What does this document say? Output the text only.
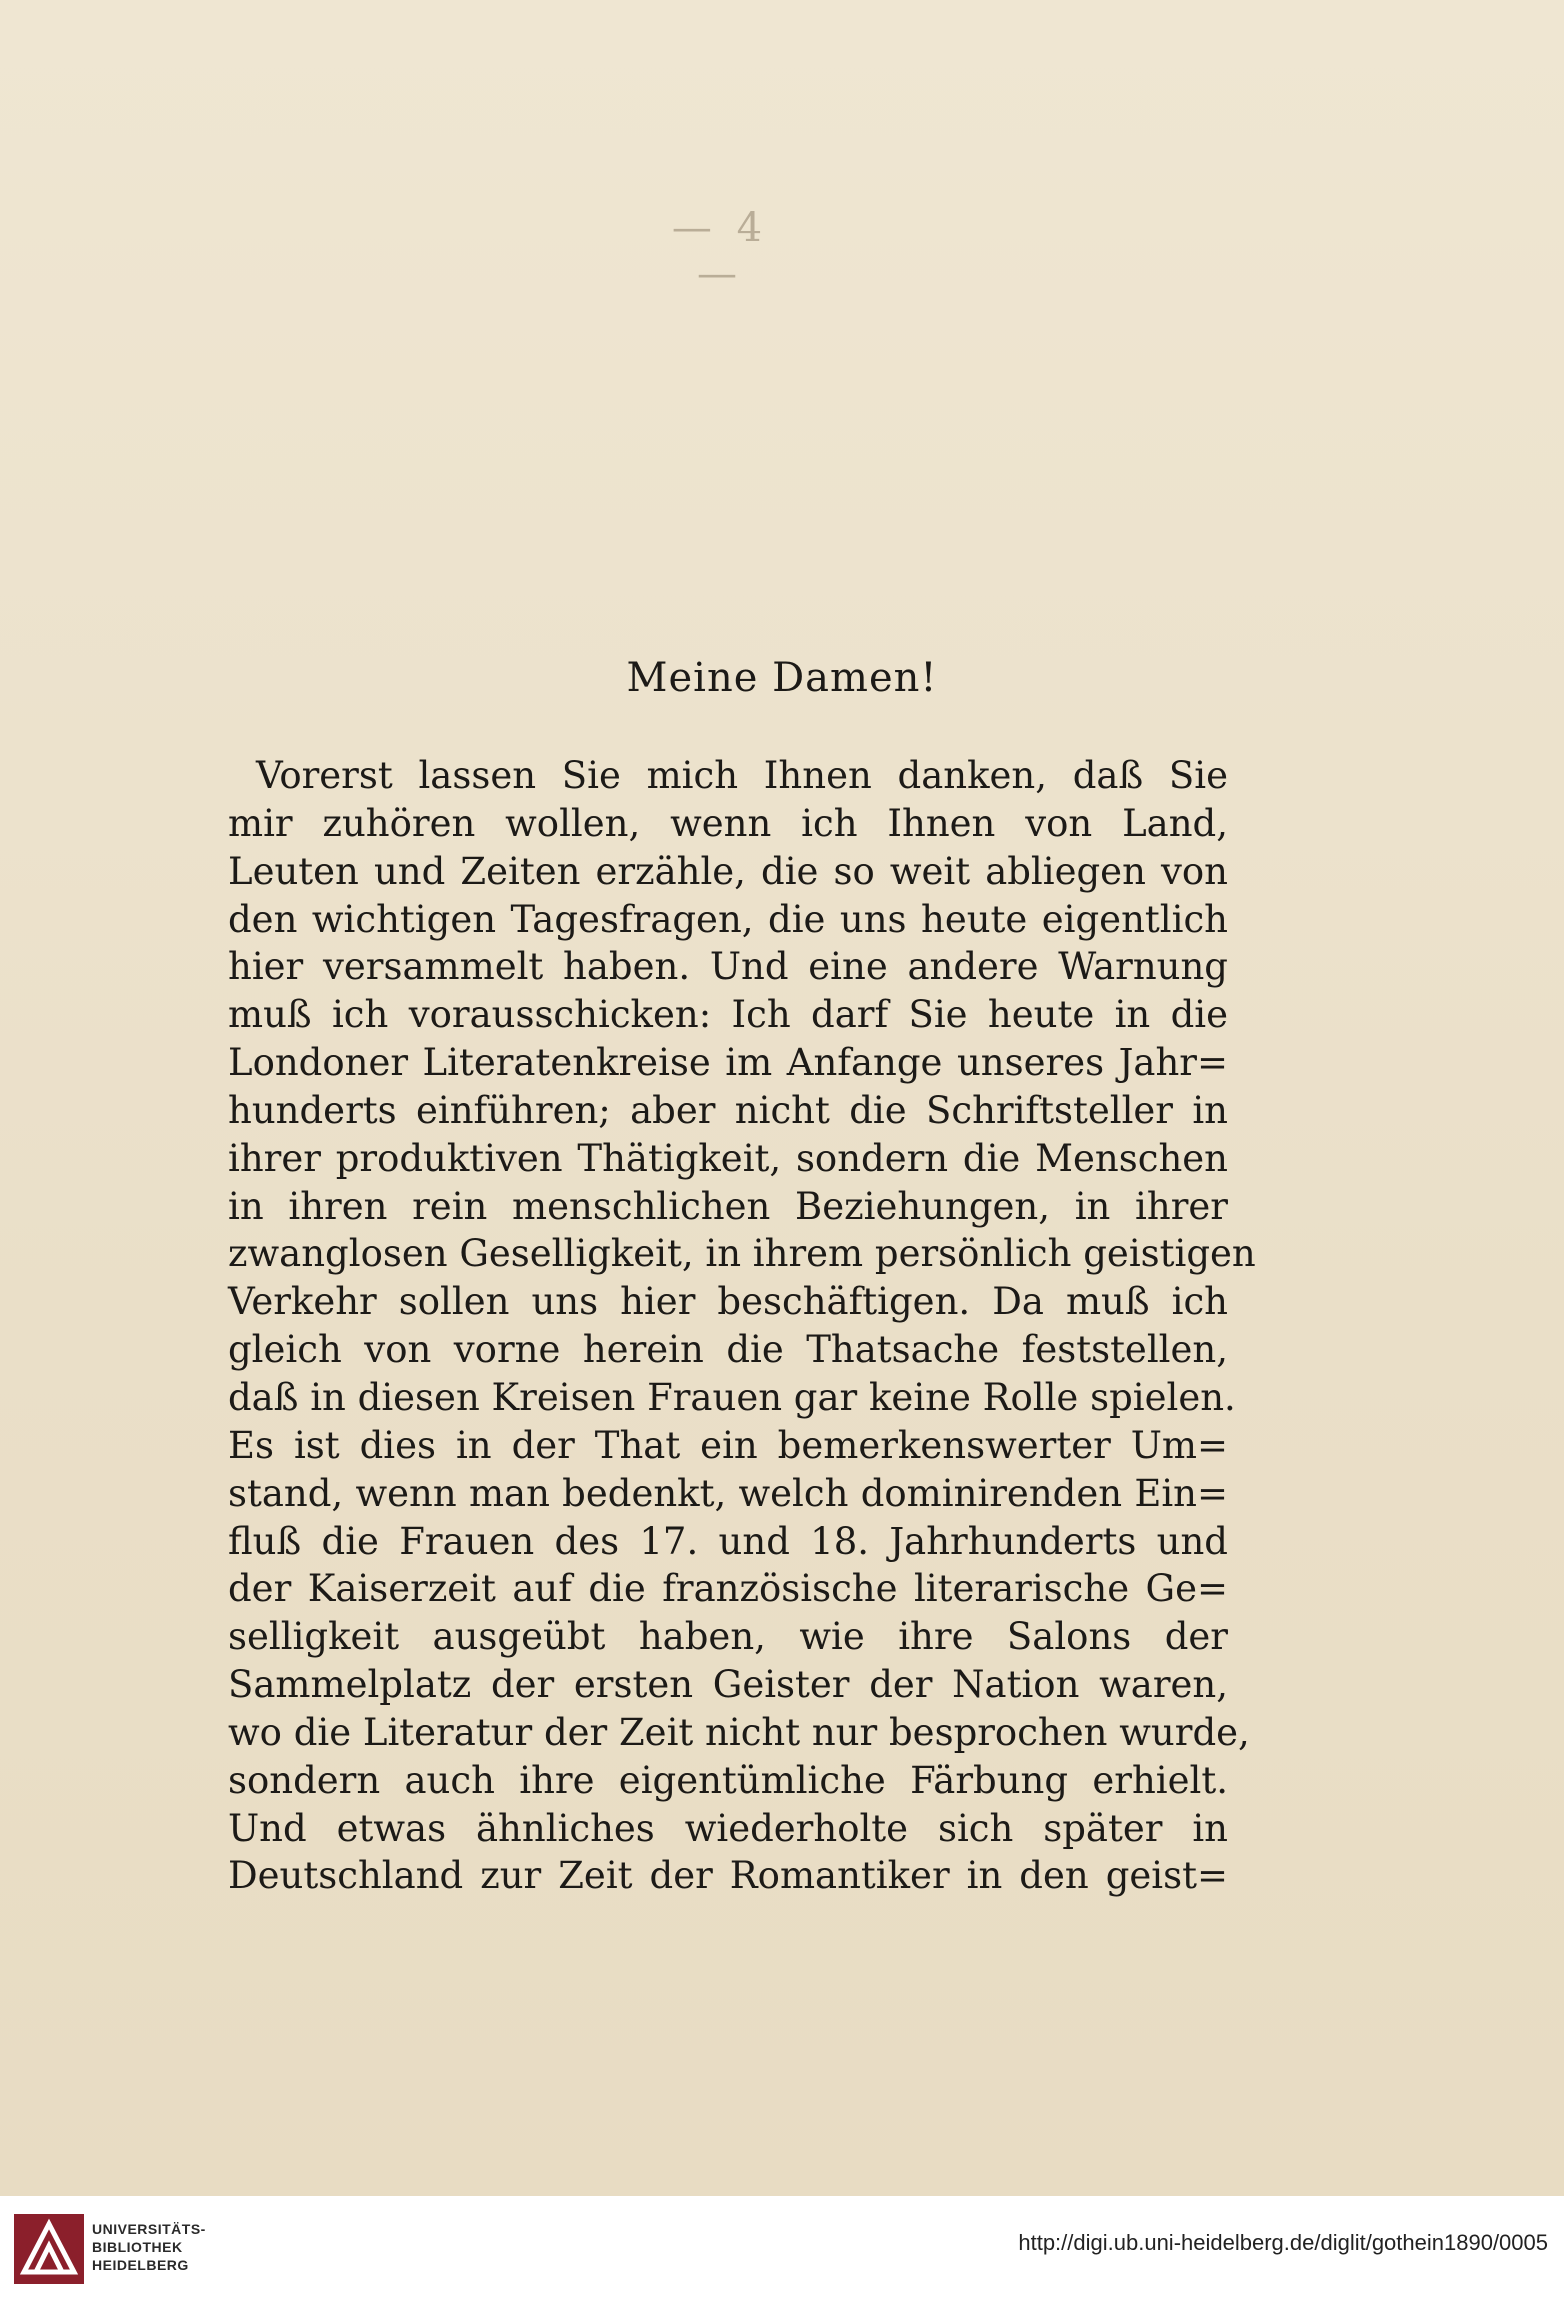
— 4 —
Meine Damen!
Vorerst lassen Sie mich Ihnen danken, daß Sie
mir zuhören wollen, wenn ich Ihnen von Land,
Leuten und Zeiten erzähle, die so weit abliegen von
den wichtigen Tagesfragen, die uns heute eigentlich
hier versammelt haben. Und eine andere Warnung
muß ich vorausschicken: Ich darf Sie heute in die
Londoner Literatenkreise im Anfange unseres Jahr=
hunderts einführen; aber nicht die Schriftsteller in
ihrer produktiven Thätigkeit, sondern die Menschen
in ihren rein menschlichen Beziehungen, in ihrer
zwanglosen Geselligkeit, in ihrem persönlich geistigen
Verkehr sollen uns hier beschäftigen. Da muß ich
gleich von vorne herein die Thatsache feststellen,
daß in diesen Kreisen Frauen gar keine Rolle spielen.
Es ist dies in der That ein bemerkenswerter Um=
stand, wenn man bedenkt, welch dominirenden Ein=
fluß die Frauen des 17. und 18. Jahrhunderts und
der Kaiserzeit auf die französische literarische Ge=
selligkeit ausgeübt haben, wie ihre Salons der
Sammelplatz der ersten Geister der Nation waren,
wo die Literatur der Zeit nicht nur besprochen wurde,
sondern auch ihre eigentümliche Färbung erhielt.
Und etwas ähnliches wiederholte sich später in
Deutschland zur Zeit der Romantiker in den geist=
UNIVERSITÄTS-
BIBLIOTHEK
HEIDELBERG
http://digi.ub.uni-heidelberg.de/diglit/gothein1890/0005
